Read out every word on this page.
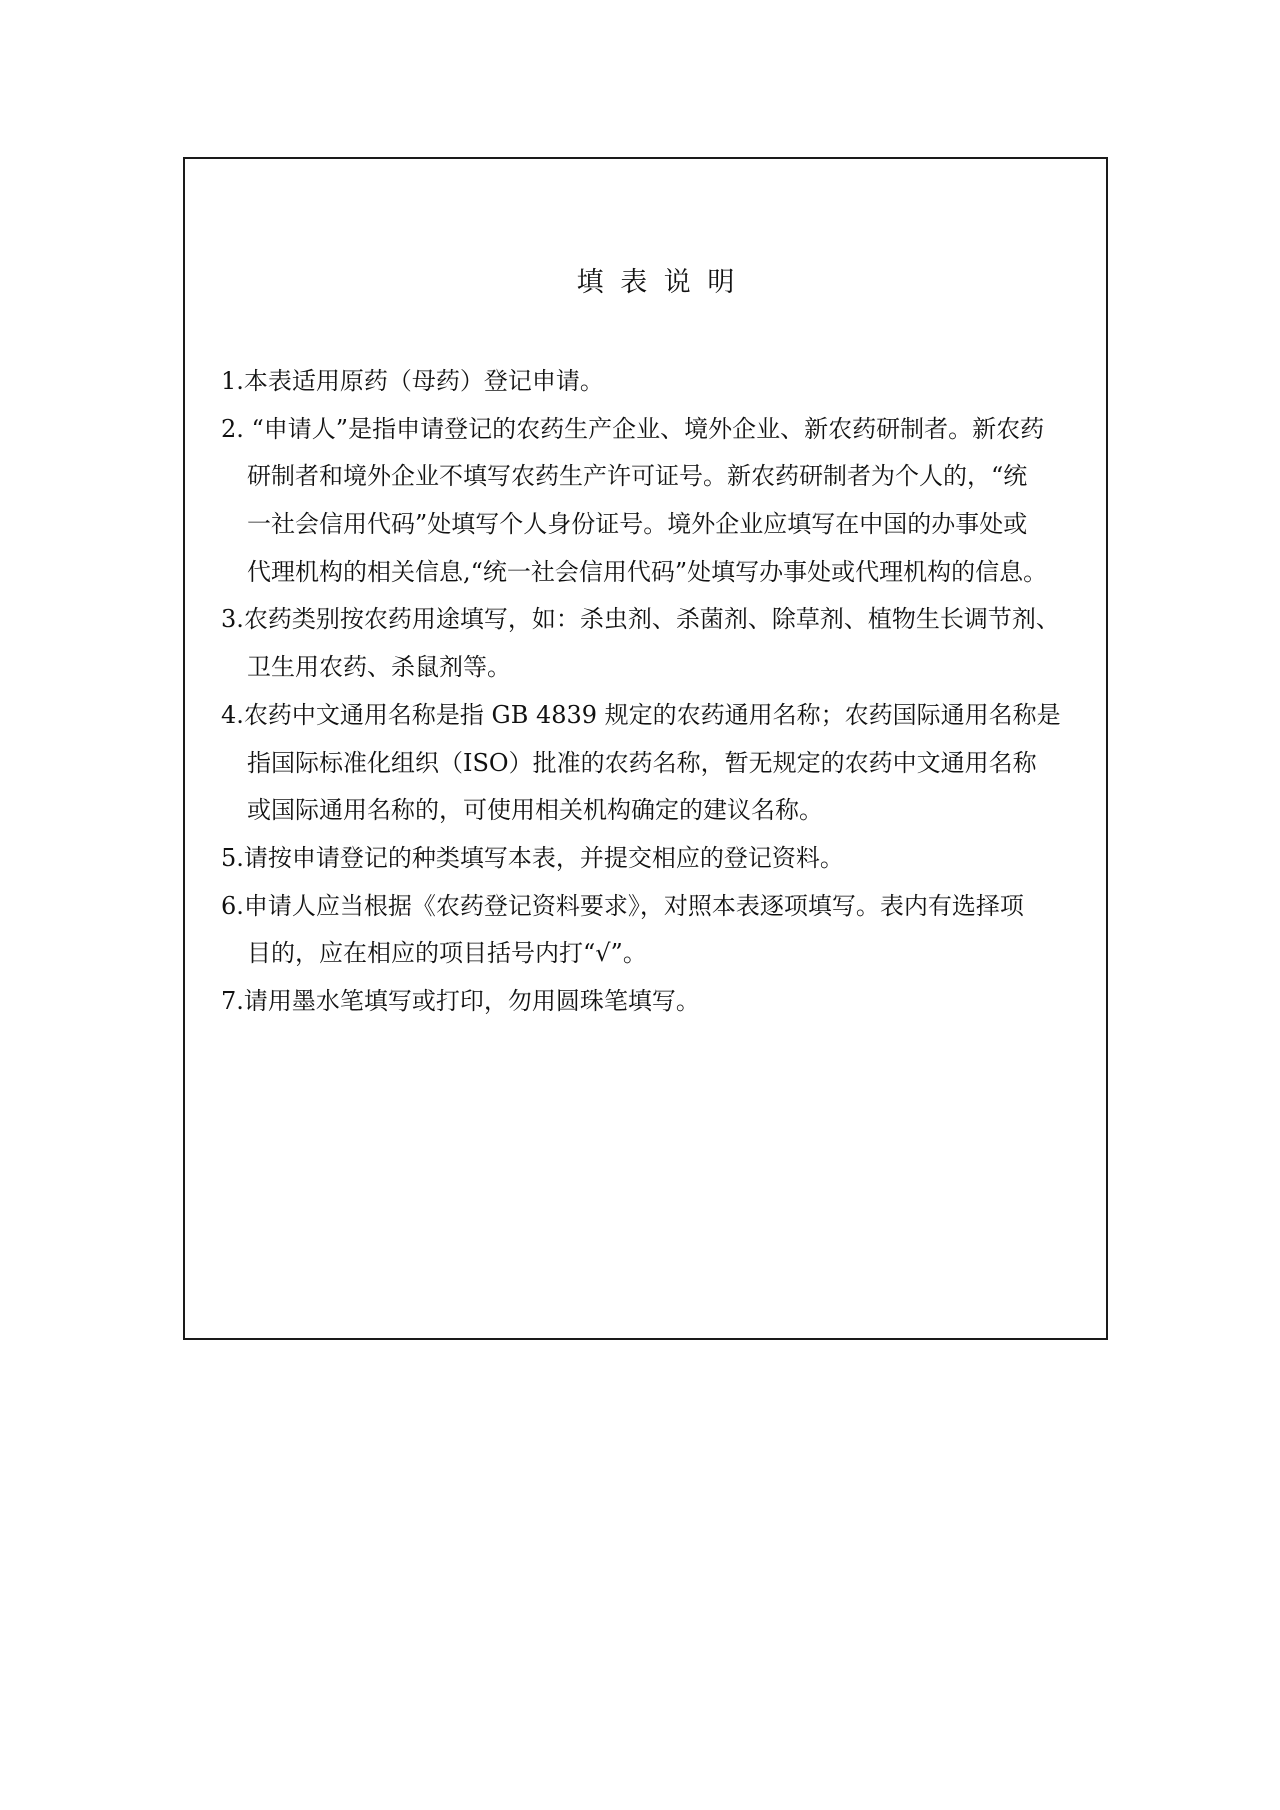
填 表 说 明
1.本表适用原药（母药）登记申请。
2. “申请人”是指申请登记的农药生产企业、境外企业、新农药研制者。新农药
研制者和境外企业不填写农药生产许可证号。新农药研制者为个人的，“统
一社会信用代码”处填写个人身份证号。境外企业应填写在中国的办事处或
代理机构的相关信息,“统一社会信用代码”处填写办事处或代理机构的信息。
3.农药类别按农药用途填写，如：杀虫剂、杀菌剂、除草剂、植物生长调节剂、
卫生用农药、杀鼠剂等。
4.农药中文通用名称是指 GB 4839 规定的农药通用名称；农药国际通用名称是
指国际标准化组织（ISO）批准的农药名称，暂无规定的农药中文通用名称
或国际通用名称的，可使用相关机构确定的建议名称。
5.请按申请登记的种类填写本表，并提交相应的登记资料。
6.申请人应当根据《农药登记资料要求》，对照本表逐项填写。表内有选择项
目的，应在相应的项目括号内打“√”。
7.请用墨水笔填写或打印，勿用圆珠笔填写。
